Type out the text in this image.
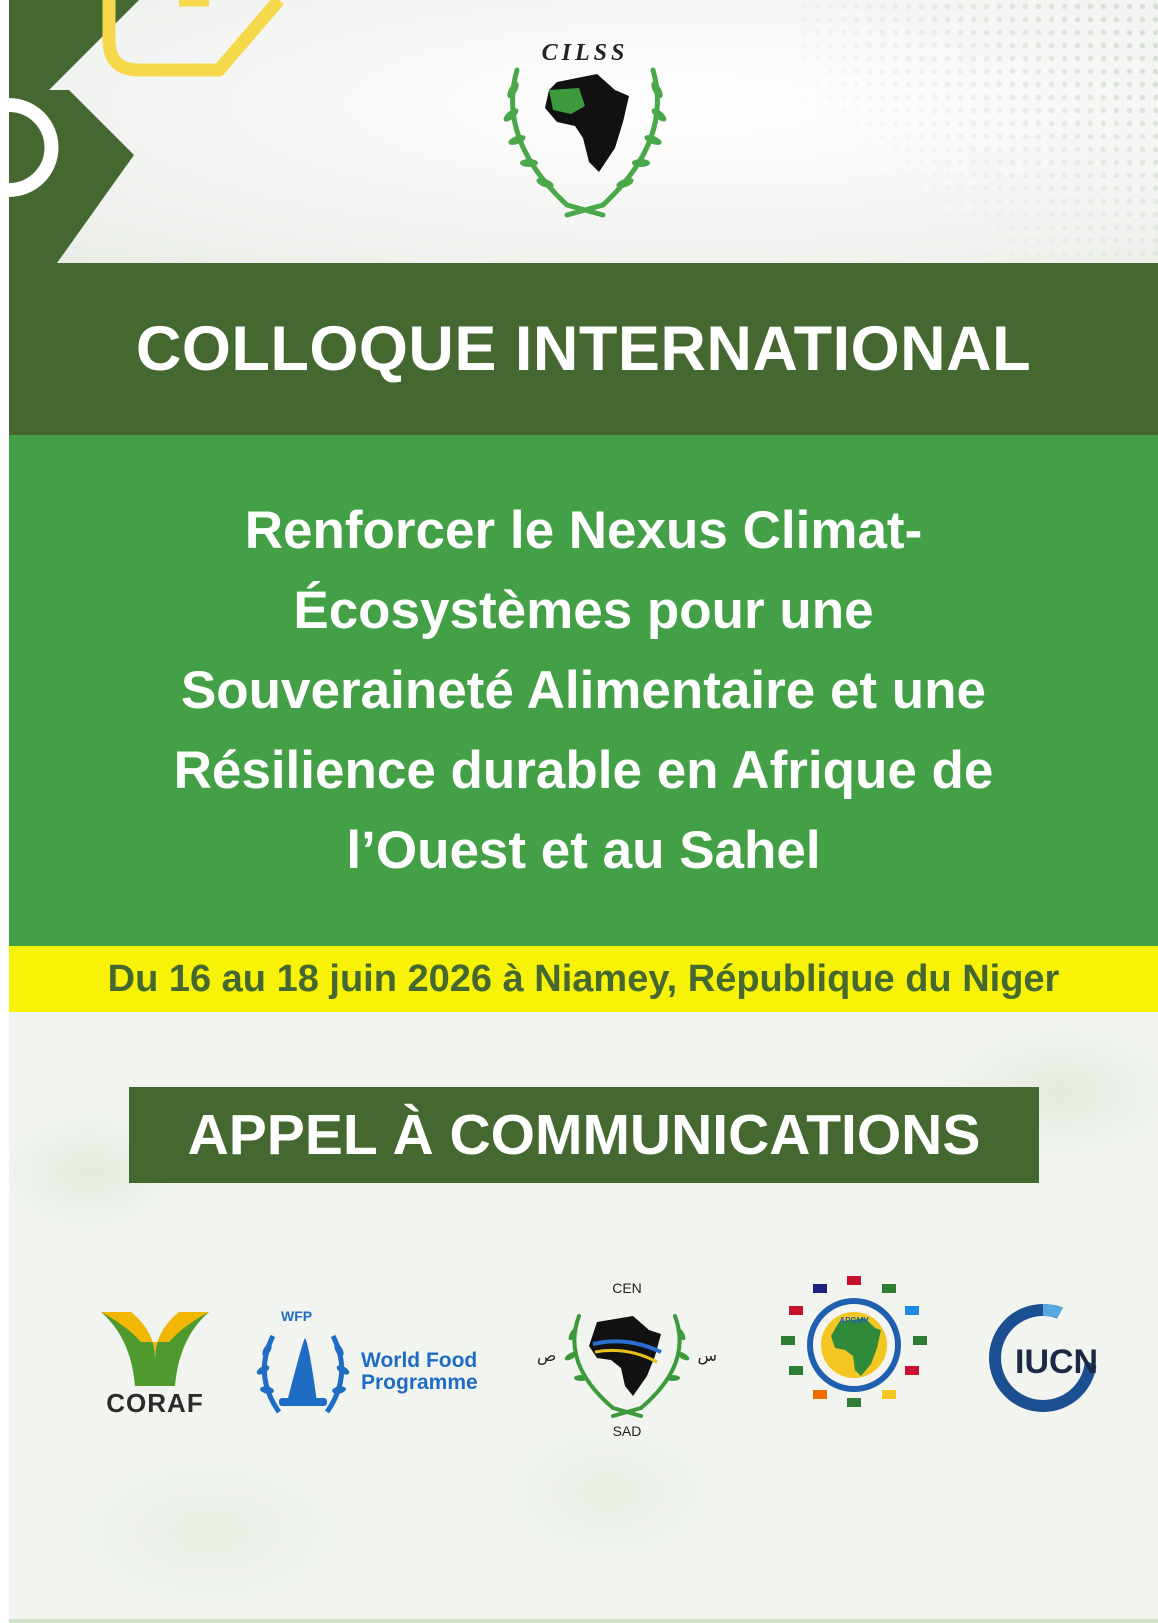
CILSS
COLLOQUE INTERNATIONAL

Renforcer le Nexus Climat-Écosystèmes pour une Souveraineté Alimentaire et une Résilience durable en Afrique de l’Ouest et au Sahel

Du 16 au 18 juin 2026 à Niamey, République du Niger
APPEL À COMMUNICATIONS
CORAF
WFP
World Food
Programme
CEN
ص	س
SAD
APGMV
IUCN
